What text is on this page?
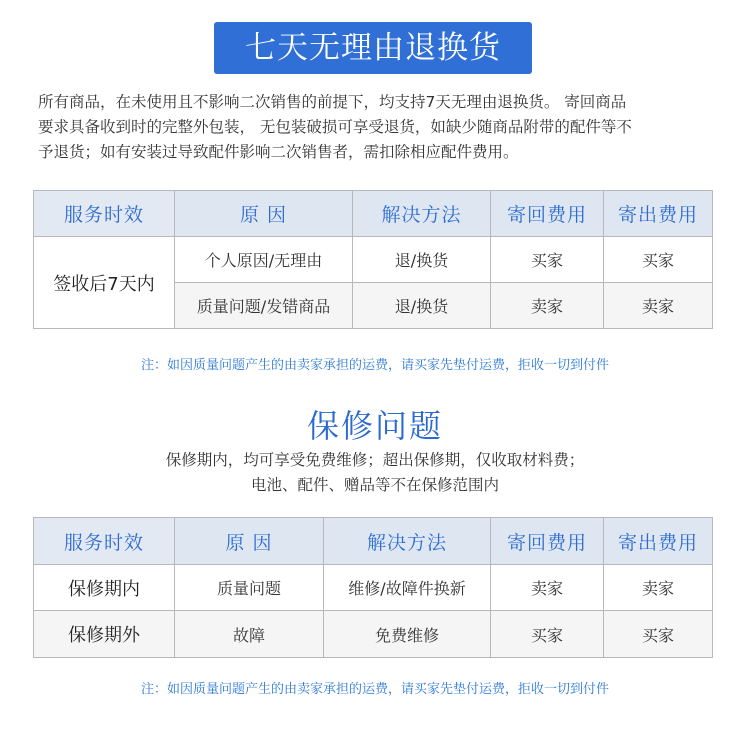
七天无理由退换货
所有商品，在未使用且不影响二次销售的前提下，均支持7天无理由退换货。 寄回商品
要求具备收到时的完整外包装， 无包装破损可享受退货，如缺少随商品附带的配件等不
予退货；如有安装过导致配件影响二次销售者，需扣除相应配件费用。
服务时效	原 因	解决方法	寄回费用	寄出费用
签收后7天内	个人原因/无理由	退/换货	买家	买家
	质量问题/发错商品	退/换货	卖家	卖家
注：如因质量问题产生的由卖家承担的运费，请买家先垫付运费，拒收一切到付件
保修问题
保修期内，均可享受免费维修；超出保修期，仅收取材料费；
电池、配件、赠品等不在保修范围内
服务时效	原 因	解决方法	寄回费用	寄出费用
保修期内	质量问题	维修/故障件换新	卖家	卖家
保修期外	故障	免费维修	买家	买家
注：如因质量问题产生的由卖家承担的运费，请买家先垫付运费，拒收一切到付件
